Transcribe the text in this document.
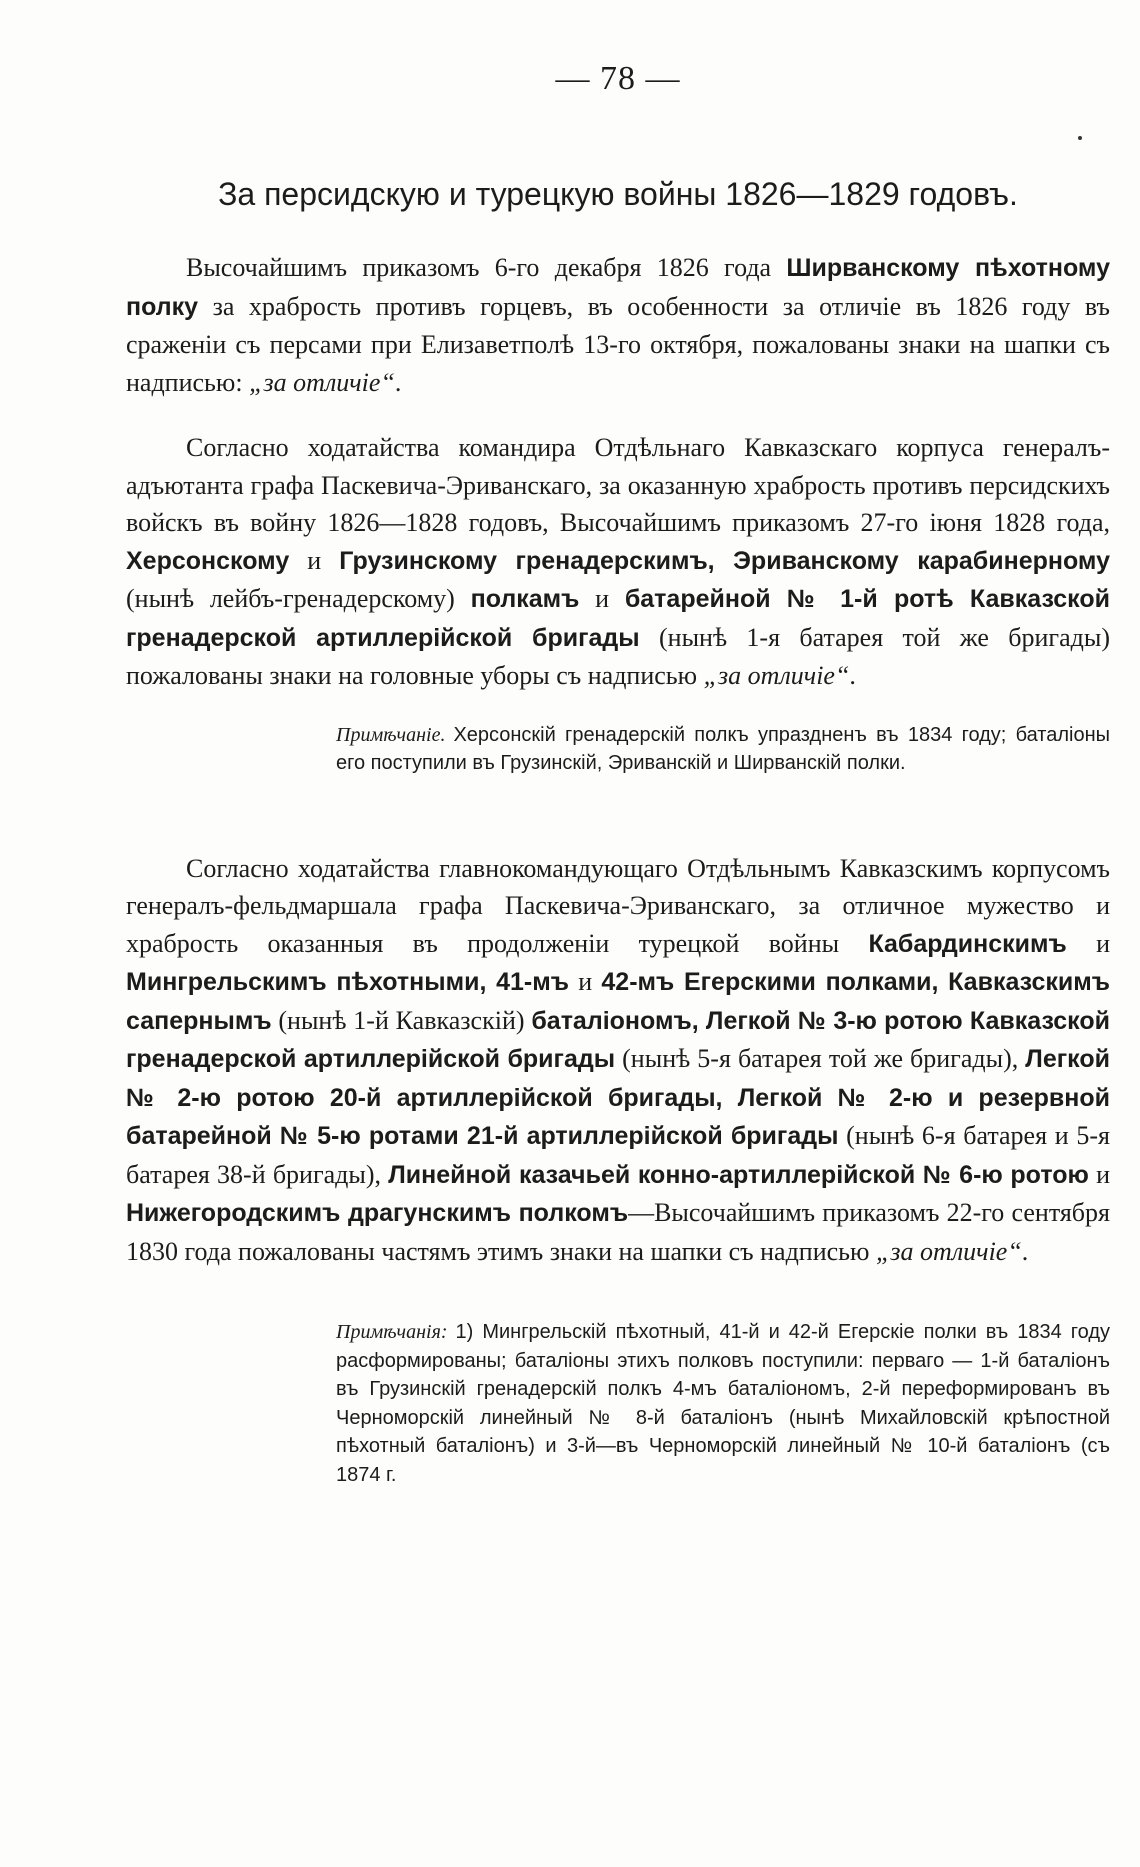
— 78 —
За персидскую и турецкую войны 1826—1829 годовъ.

Высочайшимъ приказомъ 6-го декабря 1826 года Ширванскому пѣхотному полку за храбрость противъ горцевъ, въ особенности за отличіе въ 1826 году въ сраженіи съ персами при Елизаветполѣ 13-го октября, пожалованы знаки на шапки съ надписью: „за отличіе“.

Согласно ходатайства командира Отдѣльнаго Кавказскаго корпуса генералъ-адъютанта графа Паскевича-Эриванскаго, за оказанную храбрость противъ персидскихъ войскъ въ войну 1826—1828 годовъ, Высочайшимъ приказомъ 27-го іюня 1828 года, Херсонскому и Грузинскому гренадерскимъ, Эриванскому карабинерному (нынѣ лейбъ-гренадерскому) полкамъ и батарейной № 1-й ротѣ Кавказской гренадерской артиллерійской бригады (нынѣ 1-я батарея той же бригады) пожалованы знаки на головные уборы съ надписью „за отличіе“.

Примѣчаніе. Херсонскій гренадерскій полкъ упраздненъ въ 1834 году; баталіоны его поступили въ Грузинскій, Эриванскій и Ширванскій полки.

Согласно ходатайства главнокомандующаго Отдѣльнымъ Кавказскимъ корпусомъ генералъ-фельдмаршала графа Паскевича-Эриванскаго, за отличное мужество и храбрость оказанныя въ продолженіи турецкой войны Кабардинскимъ и Мингрельскимъ пѣхотными, 41-мъ и 42-мъ Егерскими полками, Кавказскимъ сапернымъ (нынѣ 1-й Кавказскій) баталіономъ, Легкой № 3-ю ротою Кавказской гренадерской артиллерійской бригады (нынѣ 5-я батарея той же бригады), Легкой № 2-ю ротою 20-й артиллерійской бригады, Легкой № 2-ю и резервной батарейной № 5-ю ротами 21-й артиллерійской бригады (нынѣ 6-я батарея и 5-я батарея 38-й бригады), Линейной казачьей конно-артиллерійской № 6-ю ротою и Нижегородскимъ драгунскимъ полкомъ—Высочайшимъ приказомъ 22-го сентября 1830 года пожалованы частямъ этимъ знаки на шапки съ надписью „за отличіе“.

Примѣчанія: 1) Мингрельскій пѣхотный, 41-й и 42-й Егерскіе полки въ 1834 году расформированы; баталіоны этихъ полковъ поступили: перваго — 1-й баталіонъ въ Грузинскій гренадерскій полкъ 4-мъ баталіономъ, 2-й переформированъ въ Черноморскій линейный № 8-й баталіонъ (нынѣ Михайловскій крѣпостной пѣхотный баталіонъ) и 3-й—въ Черноморскій линейный № 10-й баталіонъ (съ 1874 г.
